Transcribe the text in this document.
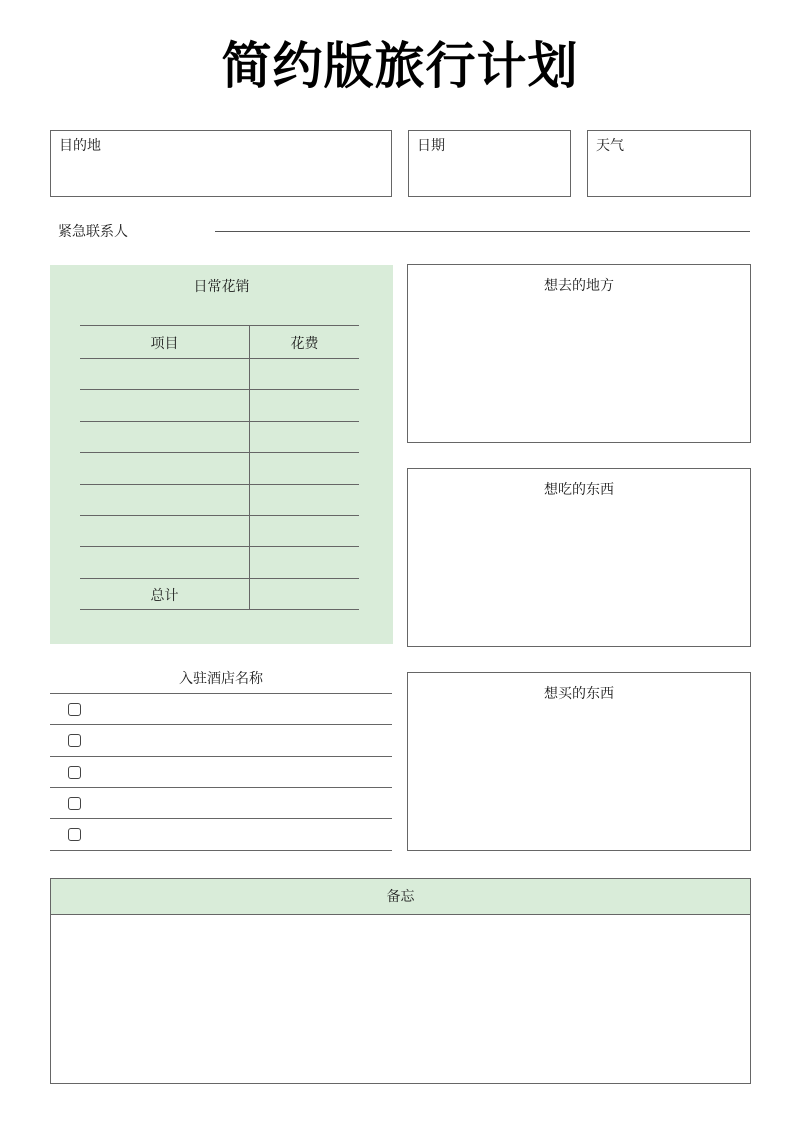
简约版旅行计划
目的地	日期	天气
紧急联系人
日常花销
项目	花费
总计
想去的地方
想吃的东西
想买的东西
入驻酒店名称
备忘
